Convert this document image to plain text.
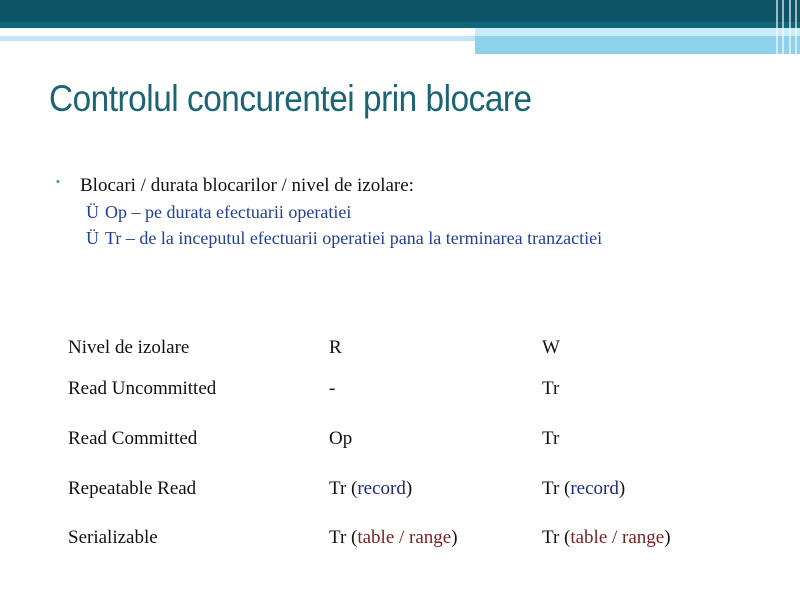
Controlul concurentei prin blocare
• Blocari / durata blocarilor / nivel de izolare:
Ü Op – pe durata efectuarii operatiei
Ü Tr – de la inceputul efectuarii operatiei pana la terminarea tranzactiei
Nivel de izolare	R	W
Read Uncommitted	-	Tr
Read Committed	Op	Tr
Repeatable Read	Tr (record)	Tr (record)
Serializable	Tr (table / range)	Tr (table / range)
